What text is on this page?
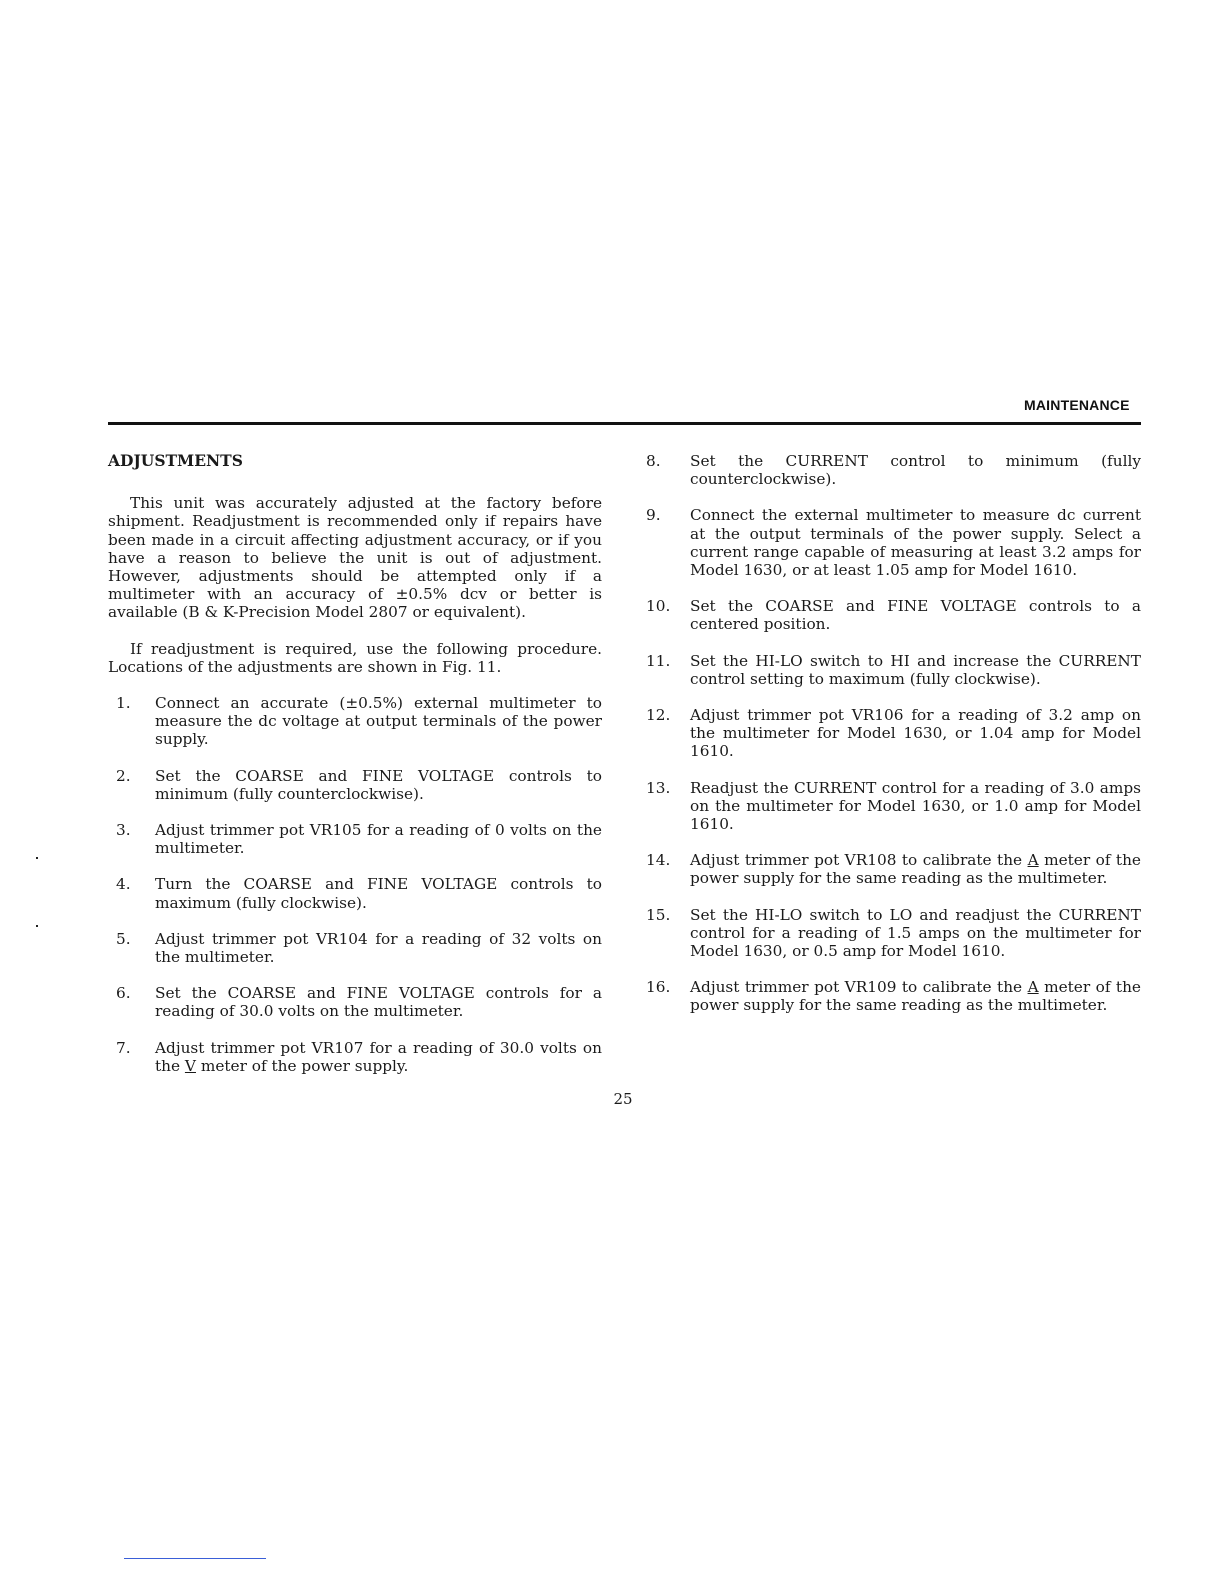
MAINTENANCE
ADJUSTMENTS

This unit was accurately adjusted at the factory before shipment. Readjustment is recommended only if repairs have been made in a circuit affecting adjustment accuracy, or if you have a reason to believe the unit is out of adjustment. However, adjustments should be attempted only if a multimeter with an accuracy of ±0.5% dcv or better is available (B & K-Precision Model 2807 or equivalent).

If readjustment is required, use the following procedure. Locations of the adjustments are shown in Fig. 11.

1. Connect an accurate (±0.5%) external multimeter to measure the dc voltage at output terminals of the power supply.
2. Set the COARSE and FINE VOLTAGE controls to minimum (fully counterclockwise).
3. Adjust trimmer pot VR105 for a reading of 0 volts on the multimeter.
4. Turn the COARSE and FINE VOLTAGE controls to maximum (fully clockwise).
5. Adjust trimmer pot VR104 for a reading of 32 volts on the multimeter.
6. Set the COARSE and FINE VOLTAGE controls for a reading of 30.0 volts on the multimeter.
7. Adjust trimmer pot VR107 for a reading of 30.0 volts on the V meter of the power supply.
8. Set the CURRENT control to minimum (fully counterclockwise).
9. Connect the external multimeter to measure dc current at the output terminals of the power supply. Select a current range capable of measuring at least 3.2 amps for Model 1630, or at least 1.05 amp for Model 1610.
10. Set the COARSE and FINE VOLTAGE controls to a centered position.
11. Set the HI-LO switch to HI and increase the CURRENT control setting to maximum (fully clockwise).
12. Adjust trimmer pot VR106 for a reading of 3.2 amp on the multimeter for Model 1630, or 1.04 amp for Model 1610.
13. Readjust the CURRENT control for a reading of 3.0 amps on the multimeter for Model 1630, or 1.0 amp for Model 1610.
14. Adjust trimmer pot VR108 to calibrate the A meter of the power supply for the same reading as the multimeter.
15. Set the HI-LO switch to LO and readjust the CURRENT control for a reading of 1.5 amps on the multimeter for Model 1630, or 0.5 amp for Model 1610.
16. Adjust trimmer pot VR109 to calibrate the A meter of the power supply for the same reading as the multimeter.
25
